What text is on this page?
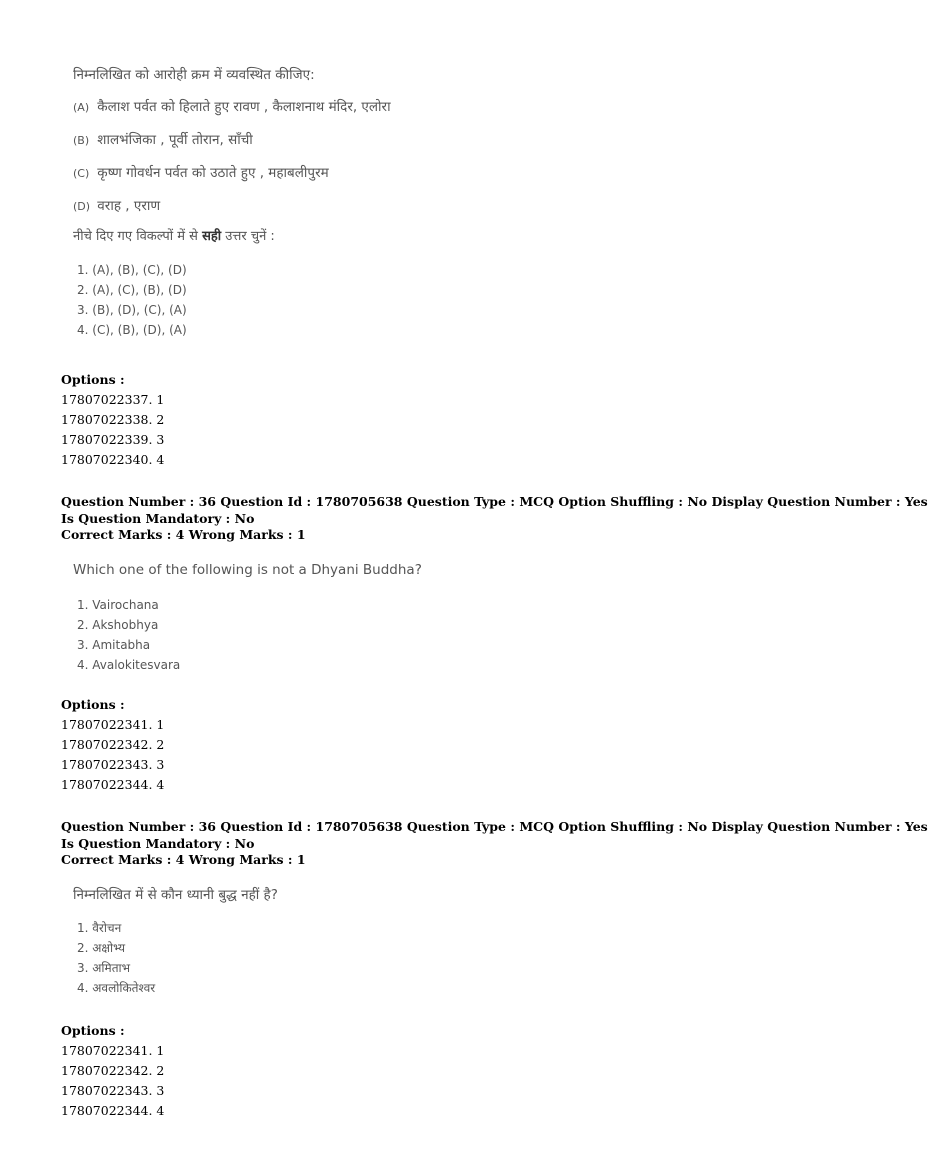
निम्नलिखित को आरोही क्रम में व्यवस्थित कीजिए:
(A) कैलाश पर्वत को हिलाते हुए रावण , कैलाशनाथ मंदिर, एलोरा
(B) शालभंजिका , पूर्वी तोरान, साँची
(C) कृष्ण गोवर्धन पर्वत को उठाते हुए , महाबलीपुरम
(D) वराह , एराण
नीचे दिए गए विकल्पों में से सही उत्तर चुनें :
1. (A), (B), (C), (D)
2. (A), (C), (B), (D)
3. (B), (D), (C), (A)
4. (C), (B), (D), (A)
Options :
17807022337. 1
17807022338. 2
17807022339. 3
17807022340. 4
Question Number : 36 Question Id : 1780705638 Question Type : MCQ Option Shuffling : No Display Question Number : Yes
Is Question Mandatory : No
Correct Marks : 4 Wrong Marks : 1
Which one of the following is not a Dhyani Buddha?
1. Vairochana
2. Akshobhya
3. Amitabha
4. Avalokitesvara
Options :
17807022341. 1
17807022342. 2
17807022343. 3
17807022344. 4
Question Number : 36 Question Id : 1780705638 Question Type : MCQ Option Shuffling : No Display Question Number : Yes
Is Question Mandatory : No
Correct Marks : 4 Wrong Marks : 1
निम्नलिखित में से कौन ध्यानी बुद्ध नहीं है?
1. वैरोचन
2. अक्षोभ्य
3. अमिताभ
4. अवलोकितेश्वर
Options :
17807022341. 1
17807022342. 2
17807022343. 3
17807022344. 4
